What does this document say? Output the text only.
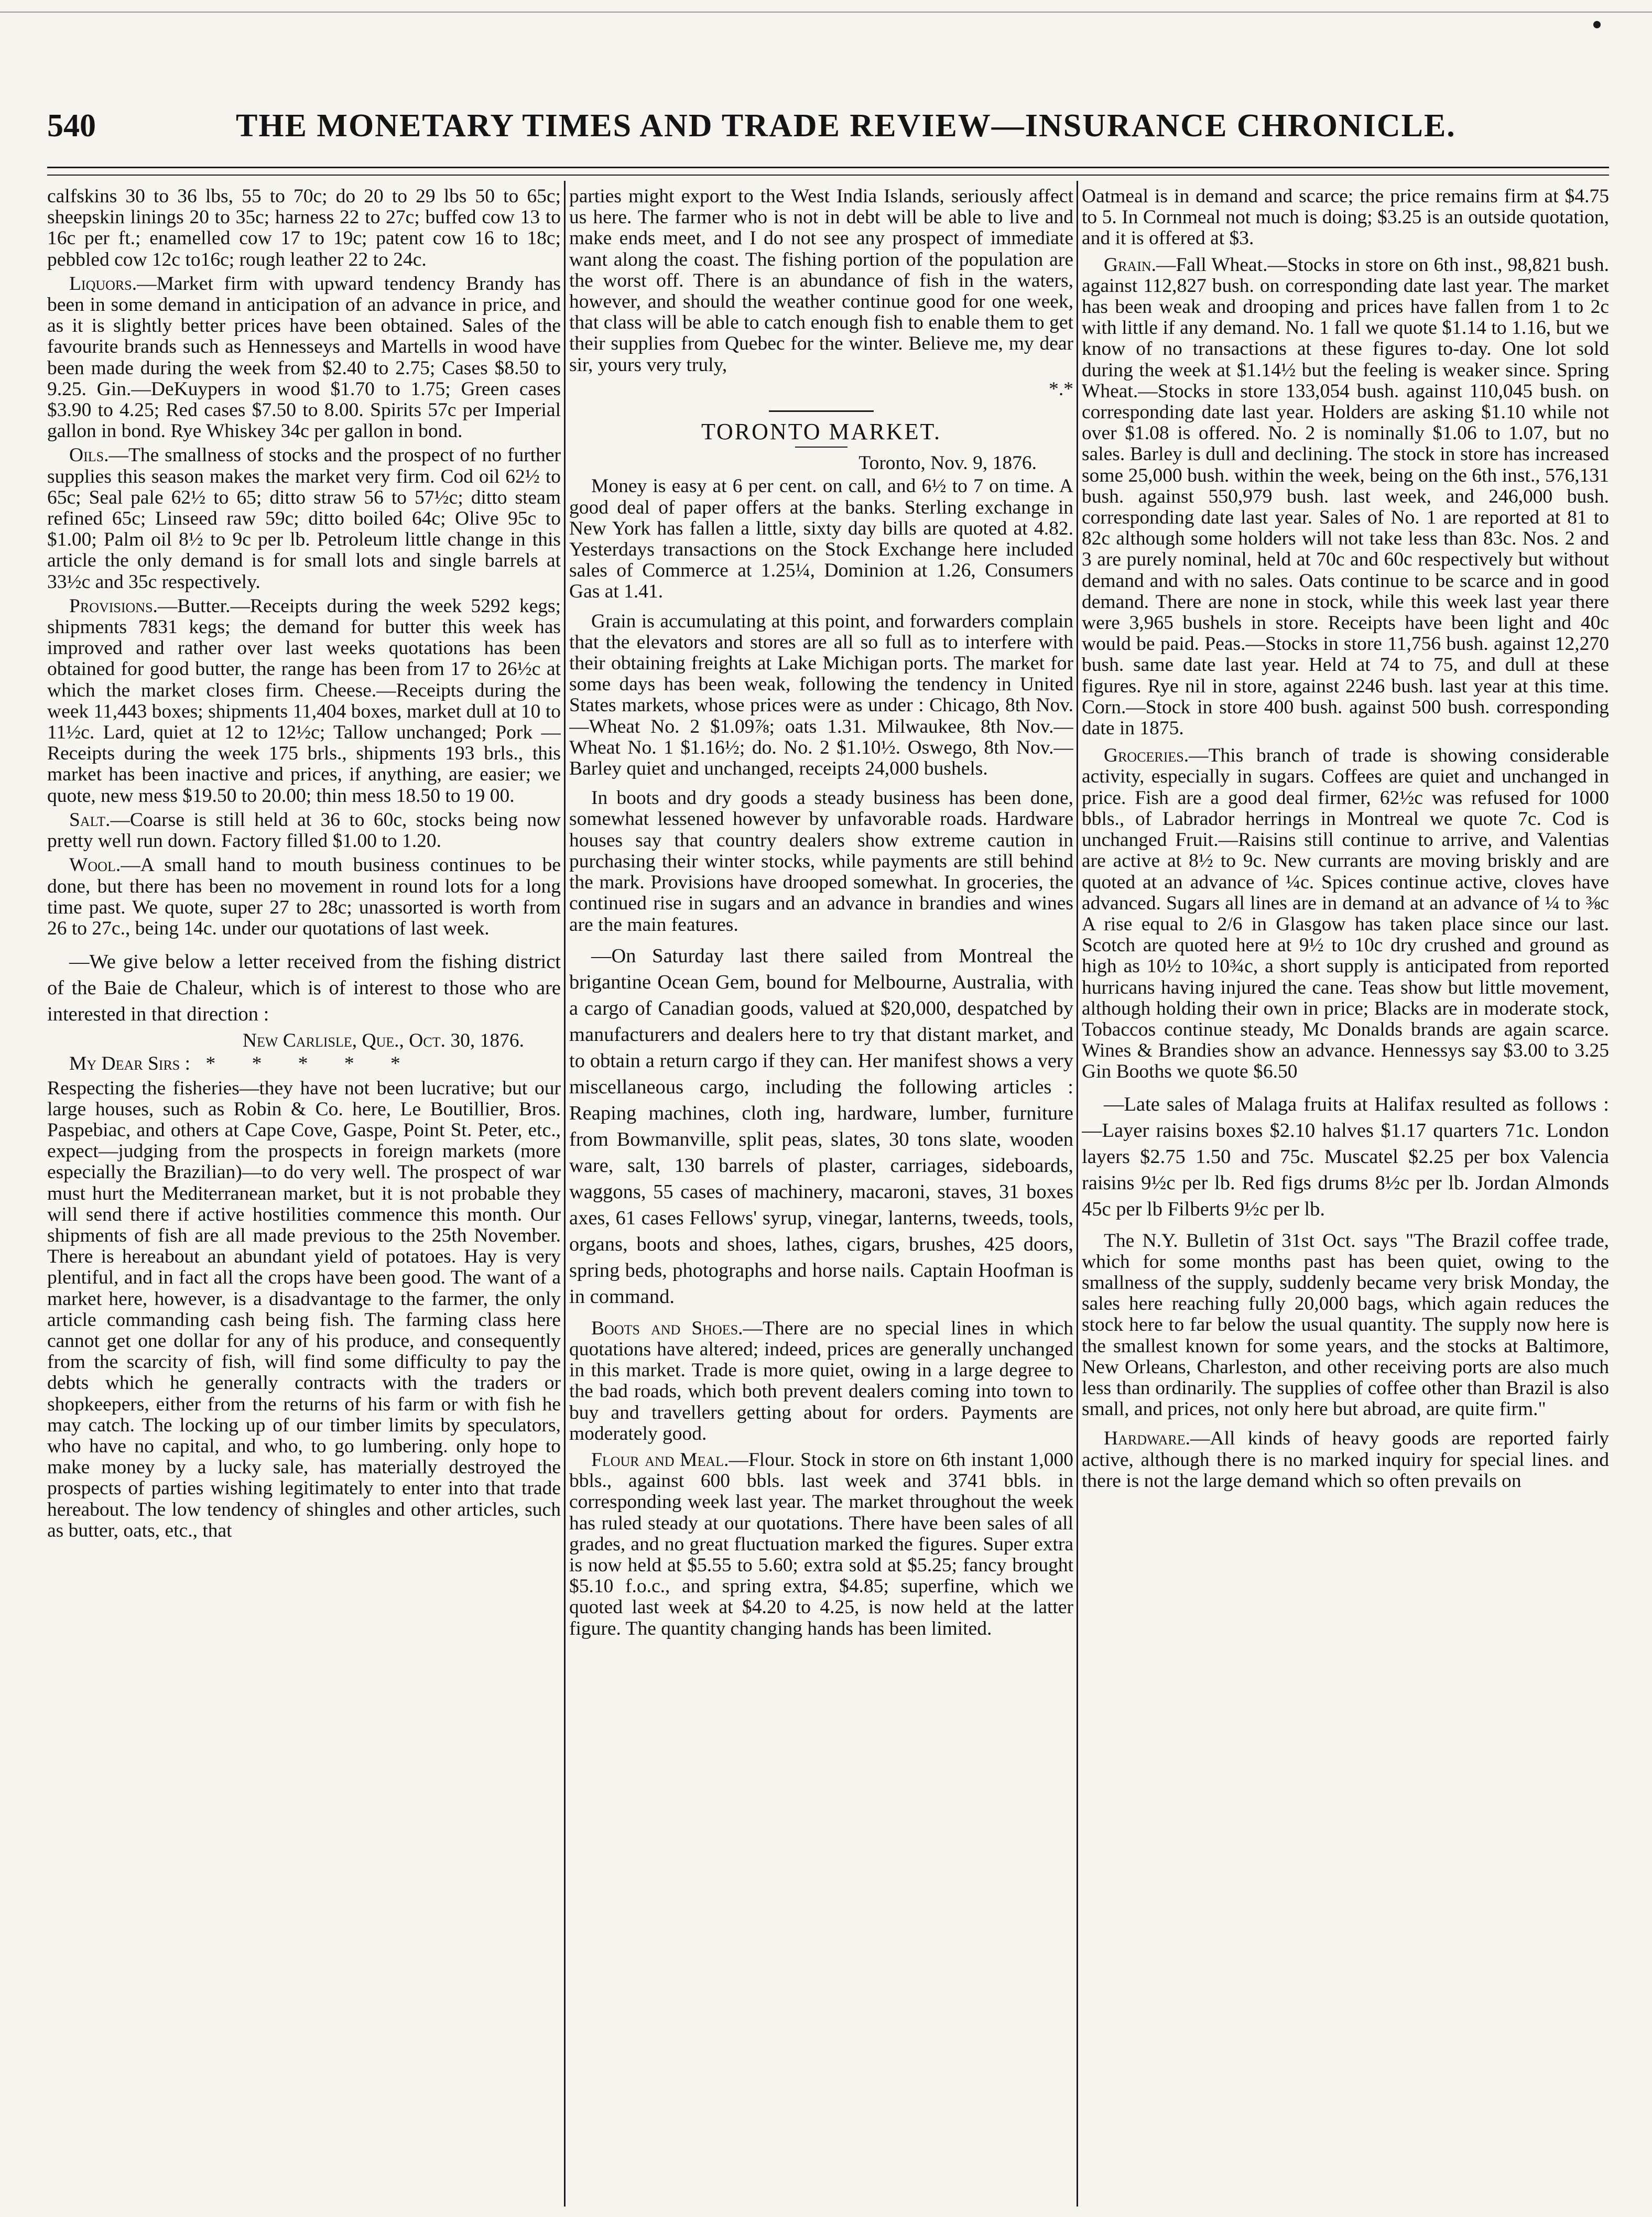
540	THE MONETARY TIMES AND TRADE REVIEW—INSURANCE CHRONICLE.

calfskins 30 to 36 lbs, 55 to 70c; do 20 to 29 lbs 50 to 65c; sheepskin linings 20 to 35c; harness 22 to 27c; buffed cow 13 to 16c per ft.; enamelled cow 17 to 19c; patent cow 16 to 18c; pebbled cow 12c to16c; rough leather 22 to 24c.

Liquors.—Market firm with upward tendency Brandy has been in some demand in anticipation of an advance in price, and as it is slightly better prices have been obtained. Sales of the favourite brands such as Hennesseys and Martells in wood have been made during the week from $2.40 to 2.75; Cases $8.50 to 9.25. Gin.—DeKuypers in wood $1.70 to 1.75; Green cases $3.90 to 4.25; Red cases $7.50 to 8.00. Spirits 57c per Imperial gallon in bond. Rye Whiskey 34c per gallon in bond.

Oils.—The smallness of stocks and the prospect of no further supplies this season makes the market very firm. Cod oil 62½ to 65c; Seal pale 62½ to 65; ditto straw 56 to 57½c; ditto steam refined 65c; Linseed raw 59c; ditto boiled 64c; Olive 95c to $1.00; Palm oil 8½ to 9c per lb. Petroleum little change in this article the only demand is for small lots and single barrels at 33½c and 35c respectively.

Provisions.—Butter.—Receipts during the week 5292 kegs; shipments 7831 kegs; the demand for butter this week has improved and rather over last weeks quotations has been obtained for good butter, the range has been from 17 to 26½c at which the market closes firm. Cheese.—Receipts during the week 11,443 boxes; shipments 11,404 boxes, market dull at 10 to 11½c. Lard, quiet at 12 to 12½c; Tallow unchanged; Pork —Receipts during the week 175 brls., shipments 193 brls., this market has been inactive and prices, if anything, are easier; we quote, new mess $19.50 to 20.00; thin mess 18.50 to 19 00.

Salt.—Coarse is still held at 36 to 60c, stocks being now pretty well run down. Factory filled $1.00 to 1.20.

Wool.—A small hand to mouth business continues to be done, but there has been no movement in round lots for a long time past. We quote, super 27 to 28c; unassorted is worth from 26 to 27c., being 14c. under our quotations of last week.

—We give below a letter received from the fishing district of the Baie de Chaleur, which is of interest to those who are interested in that direction :

New Carlisle, Que., Oct. 30, 1876.

My Dear Sirs : * * * * *

Respecting the fisheries—they have not been lucrative; but our large houses, such as Robin & Co. here, Le Boutillier, Bros. Paspebiac, and others at Cape Cove, Gaspe, Point St. Peter, etc., expect—judging from the prospects in foreign markets (more especially the Brazilian)—to do very well. The prospect of war must hurt the Mediterranean market, but it is not probable they will send there if active hostilities commence this month. Our shipments of fish are all made previous to the 25th November. There is hereabout an abundant yield of potatoes. Hay is very plentiful, and in fact all the crops have been good. The want of a market here, however, is a disadvantage to the farmer, the only article commanding cash being fish. The farming class here cannot get one dollar for any of his produce, and consequently from the scarcity of fish, will find some difficulty to pay the debts which he generally contracts with the traders or shopkeepers, either from the returns of his farm or with fish he may catch. The locking up of our timber limits by speculators, who have no capital, and who, to go lumbering. only hope to make money by a lucky sale, has materially destroyed the prospects of parties wishing legitimately to enter into that trade hereabout. The low tendency of shingles and other articles, such as butter, oats, etc., that

parties might export to the West India Islands, seriously affect us here. The farmer who is not in debt will be able to live and make ends meet, and I do not see any prospect of immediate want along the coast. The fishing portion of the population are the worst off. There is an abundance of fish in the waters, however, and should the weather continue good for one week, that class will be able to catch enough fish to enable them to get their supplies from Quebec for the winter. Believe me, my dear sir, yours very truly,

*.*

TORONTO MARKET.

Toronto, Nov. 9, 1876.

Money is easy at 6 per cent. on call, and 6½ to 7 on time. A good deal of paper offers at the banks. Sterling exchange in New York has fallen a little, sixty day bills are quoted at 4.82. Yesterdays transactions on the Stock Exchange here included sales of Commerce at 1.25¼, Dominion at 1.26, Consumers Gas at 1.41.

Grain is accumulating at this point, and forwarders complain that the elevators and stores are all so full as to interfere with their obtaining freights at Lake Michigan ports. The market for some days has been weak, following the tendency in United States markets, whose prices were as under : Chicago, 8th Nov.—Wheat No. 2 $1.09⅞; oats 1.31. Milwaukee, 8th Nov.—Wheat No. 1 $1.16½; do. No. 2 $1.10½. Oswego, 8th Nov.—Barley quiet and unchanged, receipts 24,000 bushels.

In boots and dry goods a steady business has been done, somewhat lessened however by unfavorable roads. Hardware houses say that country dealers show extreme caution in purchasing their winter stocks, while payments are still behind the mark. Provisions have drooped somewhat. In groceries, the continued rise in sugars and an advance in brandies and wines are the main features.

—On Saturday last there sailed from Montreal the brigantine Ocean Gem, bound for Melbourne, Australia, with a cargo of Canadian goods, valued at $20,000, despatched by manufacturers and dealers here to try that distant market, and to obtain a return cargo if they can. Her manifest shows a very miscellaneous cargo, including the following articles : Reaping machines, cloth ing, hardware, lumber, furniture from Bowmanville, split peas, slates, 30 tons slate, wooden ware, salt, 130 barrels of plaster, carriages, sideboards, waggons, 55 cases of machinery, macaroni, staves, 31 boxes axes, 61 cases Fellows' syrup, vinegar, lanterns, tweeds, tools, organs, boots and shoes, lathes, cigars, brushes, 425 doors, spring beds, photographs and horse nails. Captain Hoofman is in command.

Boots and Shoes.—There are no special lines in which quotations have altered; indeed, prices are generally unchanged in this market. Trade is more quiet, owing in a large degree to the bad roads, which both prevent dealers coming into town to buy and travellers getting about for orders. Payments are moderately good.

Flour and Meal.—Flour. Stock in store on 6th instant 1,000 bbls., against 600 bbls. last week and 3741 bbls. in corresponding week last year. The market throughout the week has ruled steady at our quotations. There have been sales of all grades, and no great fluctuation marked the figures. Super extra is now held at $5.55 to 5.60; extra sold at $5.25; fancy brought $5.10 f.o.c., and spring extra, $4.85; superfine, which we quoted last week at $4.20 to 4.25, is now held at the latter figure. The quantity changing hands has been limited.

Oatmeal is in demand and scarce; the price remains firm at $4.75 to 5. In Cornmeal not much is doing; $3.25 is an outside quotation, and it is offered at $3.

Grain.—Fall Wheat.—Stocks in store on 6th inst., 98,821 bush. against 112,827 bush. on corresponding date last year. The market has been weak and drooping and prices have fallen from 1 to 2c with little if any demand. No. 1 fall we quote $1.14 to 1.16, but we know of no transactions at these figures to-day. One lot sold during the week at $1.14½ but the feeling is weaker since. Spring Wheat.—Stocks in store 133,054 bush. against 110,045 bush. on corresponding date last year. Holders are asking $1.10 while not over $1.08 is offered. No. 2 is nominally $1.06 to 1.07, but no sales. Barley is dull and declining. The stock in store has increased some 25,000 bush. within the week, being on the 6th inst., 576,131 bush. against 550,979 bush. last week, and 246,000 bush. corresponding date last year. Sales of No. 1 are reported at 81 to 82c although some holders will not take less than 83c. Nos. 2 and 3 are purely nominal, held at 70c and 60c respectively but without demand and with no sales. Oats continue to be scarce and in good demand. There are none in stock, while this week last year there were 3,965 bushels in store. Receipts have been light and 40c would be paid. Peas.—Stocks in store 11,756 bush. against 12,270 bush. same date last year. Held at 74 to 75, and dull at these figures. Rye nil in store, against 2246 bush. last year at this time. Corn.—Stock in store 400 bush. against 500 bush. corresponding date in 1875.

Groceries.—This branch of trade is showing considerable activity, especially in sugars. Coffees are quiet and unchanged in price. Fish are a good deal firmer, 62½c was refused for 1000 bbls., of Labrador herrings in Montreal we quote 7c. Cod is unchanged Fruit.—Raisins still continue to arrive, and Valentias are active at 8½ to 9c. New currants are moving briskly and are quoted at an advance of ¼c. Spices continue active, cloves have advanced. Sugars all lines are in demand at an advance of ¼ to ⅜c A rise equal to 2/6 in Glasgow has taken place since our last. Scotch are quoted here at 9½ to 10c dry crushed and ground as high as 10½ to 10¾c, a short supply is anticipated from reported hurricans having injured the cane. Teas show but little movement, although holding their own in price; Blacks are in moderate stock, Tobaccos continue steady, Mc Donalds brands are again scarce. Wines & Brandies show an advance. Hennessys say $3.00 to 3.25 Gin Booths we quote $6.50

—Late sales of Malaga fruits at Halifax resulted as follows :—Layer raisins boxes $2.10 halves $1.17 quarters 71c. London layers $2.75 1.50 and 75c. Muscatel $2.25 per box Valencia raisins 9½c per lb. Red figs drums 8½c per lb. Jordan Almonds 45c per lb Filberts 9½c per lb.

The N.Y. Bulletin of 31st Oct. says "The Brazil coffee trade, which for some months past has been quiet, owing to the smallness of the supply, suddenly became very brisk Monday, the sales here reaching fully 20,000 bags, which again reduces the stock here to far below the usual quantity. The supply now here is the smallest known for some years, and the stocks at Baltimore, New Orleans, Charleston, and other receiving ports are also much less than ordinarily. The supplies of coffee other than Brazil is also small, and prices, not only here but abroad, are quite firm."

Hardware.—All kinds of heavy goods are reported fairly active, although there is no marked inquiry for special lines. and there is not the large demand which so often prevails on
